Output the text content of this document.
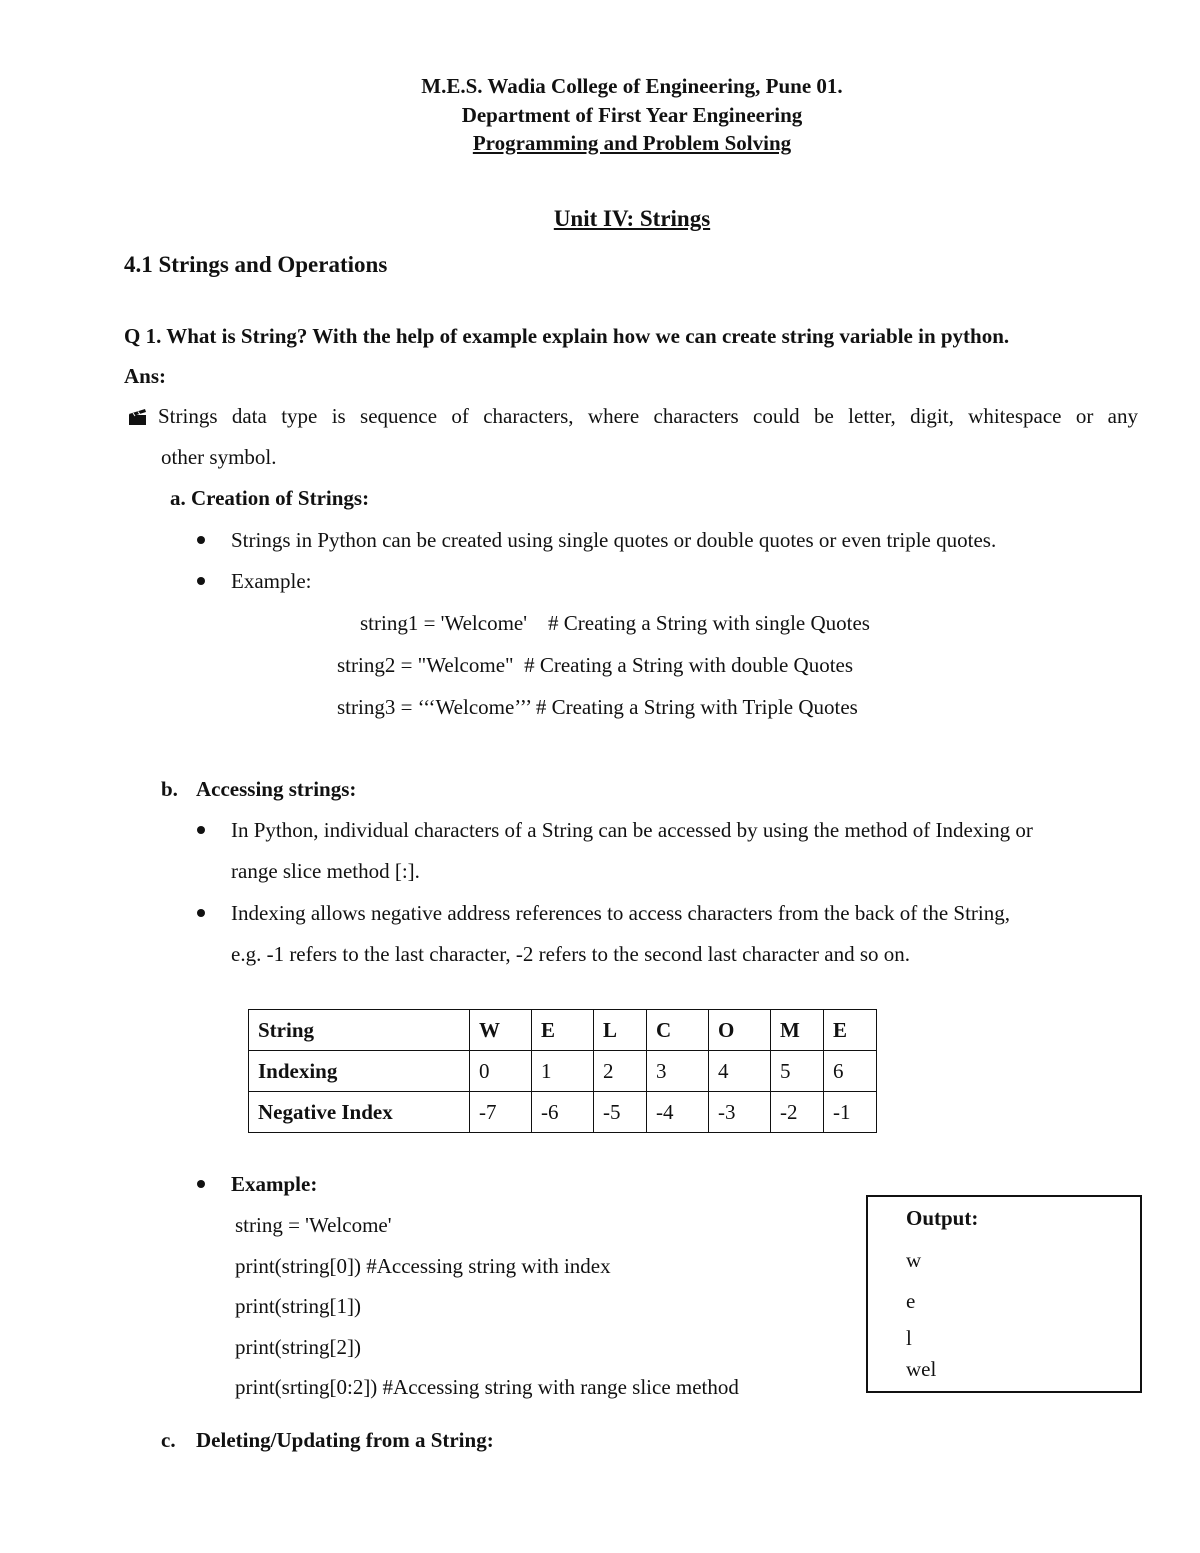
M.E.S. Wadia College of Engineering, Pune 01.
Department of First Year Engineering
Programming and Problem Solving
Unit IV: Strings
4.1 Strings and Operations
Q 1. What is String? With the help of example explain how we can create string variable in python.
Ans:
Strings data type is sequence of characters, where characters could be letter, digit, whitespace or any
other symbol.
a. Creation of Strings:
Strings in Python can be created using single quotes or double quotes or even triple quotes.
Example:
string1 = 'Welcome'    # Creating a String with single Quotes
string2 = "Welcome"  # Creating a String with double Quotes
string3 = ‘‘‘Welcome’’’ # Creating a String with Triple Quotes
b. Accessing strings:
In Python, individual characters of a String can be accessed by using the method of Indexing or
range slice method [:].
Indexing allows negative address references to access characters from the back of the String,
e.g. -1 refers to the last character, -2 refers to the second last character and so on.
String	W	E	L	C	O	M	E
Indexing	0	1	2	3	4	5	6
Negative Index	-7	-6	-5	-4	-3	-2	-1
Example:
string = 'Welcome'
print(string[0]) #Accessing string with index
print(string[1])
print(string[2])
print(srting[0:2]) #Accessing string with range slice method
Output:
w
e
l
wel
c. Deleting/Updating from a String:
